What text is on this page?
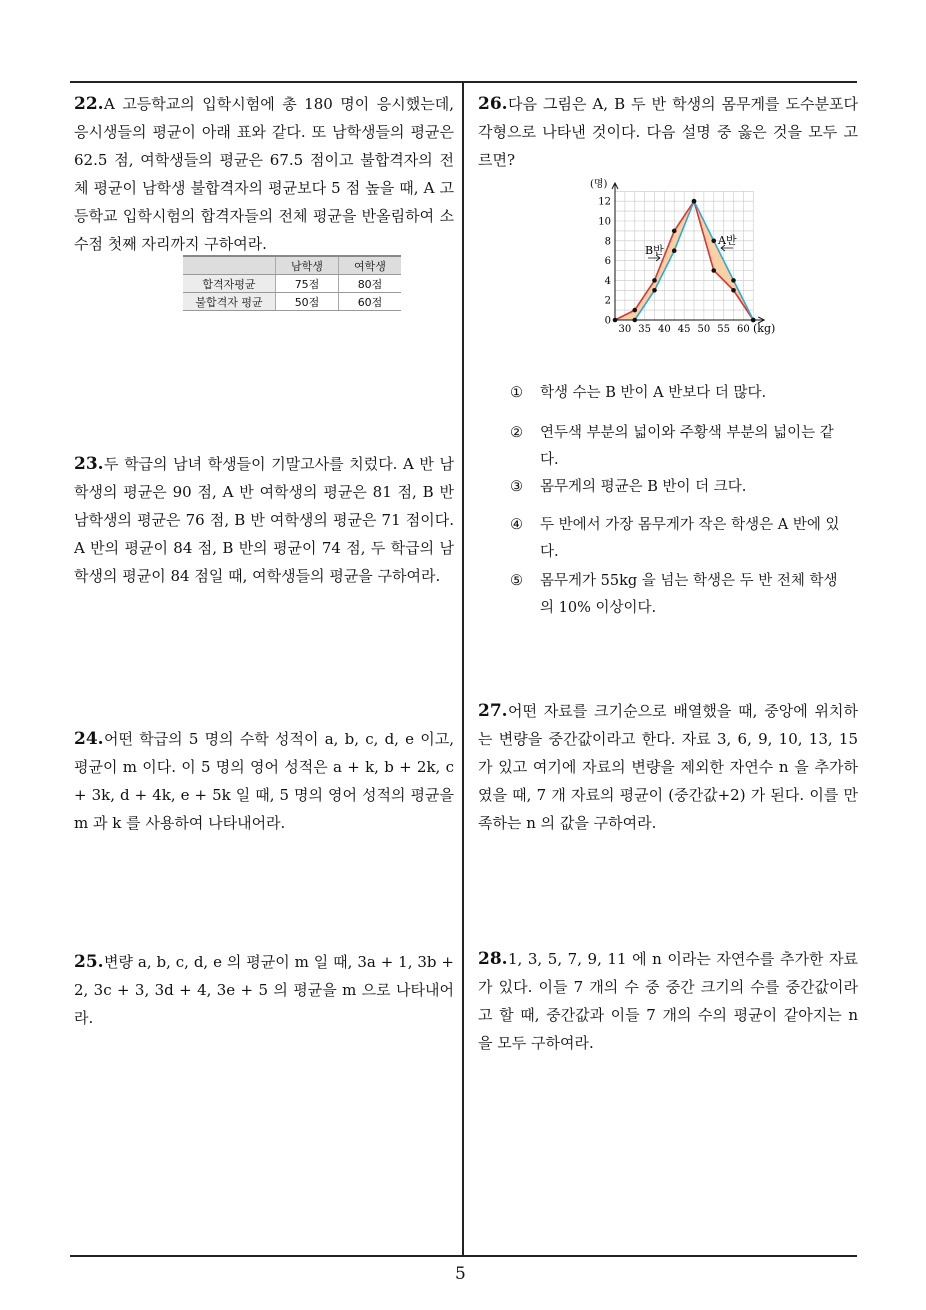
22. A 고등학교의 입학시험에 총 180 명이 응시했는데, 응시생들의 평균이 아래 표와 같다. 또 남학생들의 평균은 62.5 점, 여학생들의 평균은 67.5 점이고 불합격자의 전체 평균이 남학생 불합격자의 평균보다 5 점 높을 때, A 고등학교 입학시험의 합격자들의 전체 평균을 반올림하여 소수점 첫째 자리까지 구하여라.
	남학생	여학생
합격자평균	75점	80점
불합격자 평균	50점	60점
23. 두 학급의 남녀 학생들이 기말고사를 치렀다. A 반 남학생의 평균은 90 점, A 반 여학생의 평균은 81 점, B 반 남학생의 평균은 76 점, B 반 여학생의 평균은 71 점이다. A 반의 평균이 84 점, B 반의 평균이 74 점, 두 학급의 남학생의 평균이 84 점일 때, 여학생들의 평균을 구하여라.
24. 어떤 학급의 5 명의 수학 성적이 a, b, c, d, e 이고, 평균이 m 이다. 이 5 명의 영어 성적은 a + k, b + 2k, c + 3k, d + 4k, e + 5k 일 때, 5 명의 영어 성적의 평균을 m 과 k 를 사용하여 나타내어라.
25. 변량 a, b, c, d, e 의 평균이 m 일 때, 3a + 1, 3b + 2, 3c + 3, 3d + 4, 3e + 5 의 평균을 m 으로 나타내어라.
26. 다음 그림은 A, B 두 반 학생의 몸무게를 도수분포다각형으로 나타낸 것이다. 다음 설명 중 옳은 것을 모두 고르면?
0
2
4
6
8
10
12
30 35 40 45 50 55 60
(명)
(kg)
B반
A반
①	학생 수는 B 반이 A 반보다 더 많다.
②	연두색 부분의 넓이와 주황색 부분의 넓이는 같다.
③	몸무게의 평균은 B 반이 더 크다.
④	두 반에서 가장 몸무게가 작은 학생은 A 반에 있다.
⑤	몸무게가 55kg 을 넘는 학생은 두 반 전체 학생의 10% 이상이다.
27. 어떤 자료를 크기순으로 배열했을 때, 중앙에 위치하는 변량을 중간값이라고 한다. 자료 3, 6, 9, 10, 13, 15 가 있고 여기에 자료의 변량을 제외한 자연수 n 을 추가하였을 때, 7 개 자료의 평균이 (중간값+2) 가 된다. 이를 만족하는 n 의 값을 구하여라.
28. 1, 3, 5, 7, 9, 11 에 n 이라는 자연수를 추가한 자료가 있다. 이들 7 개의 수 중 중간 크기의 수를 중간값이라고 할 때, 중간값과 이들 7 개의 수의 평균이 같아지는 n 을 모두 구하여라.
5
